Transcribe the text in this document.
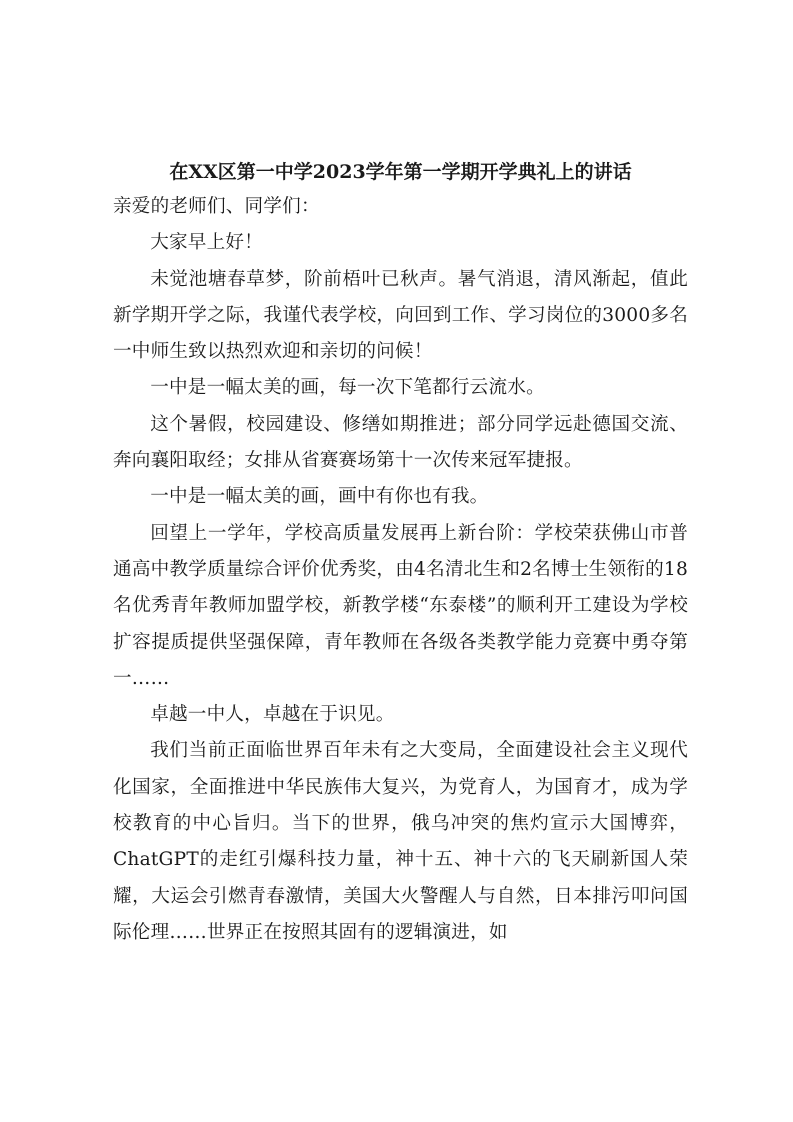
在XX区第一中学2023学年第一学期开学典礼上的讲话

亲爱的老师们、同学们：

大家早上好！

未觉池塘春草梦，阶前梧叶已秋声。暑气消退，清风渐起，值此新学期开学之际，我谨代表学校，向回到工作、学习岗位的3000多名一中师生致以热烈欢迎和亲切的问候！

一中是一幅太美的画，每一次下笔都行云流水。

这个暑假，校园建设、修缮如期推进；部分同学远赴德国交流、奔向襄阳取经；女排从省赛赛场第十一次传来冠军捷报。

一中是一幅太美的画，画中有你也有我。

回望上一学年，学校高质量发展再上新台阶：学校荣获佛山市普通高中教学质量综合评价优秀奖，由4名清北生和2名博士生领衔的18名优秀青年教师加盟学校，新教学楼“东泰楼”的顺利开工建设为学校扩容提质提供坚强保障，青年教师在各级各类教学能力竞赛中勇夺第一……

卓越一中人，卓越在于识见。

我们当前正面临世界百年未有之大变局，全面建设社会主义现代化国家，全面推进中华民族伟大复兴，为党育人，为国育才，成为学校教育的中心旨归。当下的世界，俄乌冲突的焦灼宣示大国博弈，ChatGPT的走红引爆科技力量，神十五、神十六的飞天刷新国人荣耀，大运会引燃青春激情，美国大火警醒人与自然，日本排污叩问国际伦理……世界正在按照其固有的逻辑演进，如
